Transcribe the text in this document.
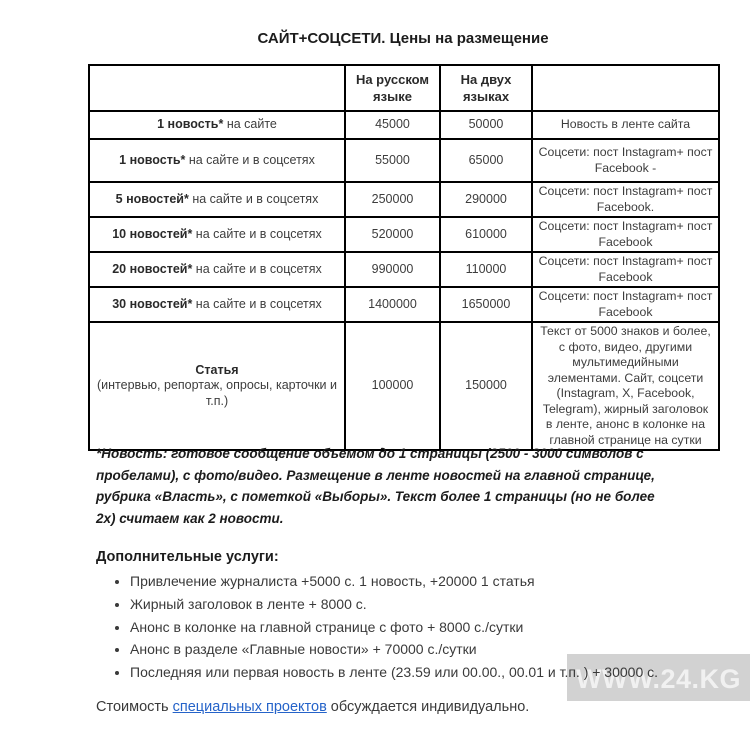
САЙТ+СОЦСЕТИ. Цены на размещение
	На русском языке	На двух языках	
1 новость* на сайте	45000	50000	Новость в ленте сайта
1 новость* на сайте и в соцсетях	55000	65000	Соцсети: пост Instagram+ пост Facebook -
5 новостей* на сайте и в соцсетях	250000	290000	Соцсети: пост Instagram+ пост Facebook.
10 новостей* на сайте и в соцсетях	520000	610000	Соцсети: пост Instagram+ пост Facebook
20 новостей* на сайте и в соцсетях	990000	110000	Соцсети: пост Instagram+ пост Facebook
30 новостей* на сайте и в соцсетях	1400000	1650000	Соцсети: пост Instagram+ пост Facebook

Статья
(интервью, репортаж, опросы, карточки и т.п.)	100000	150000	Текст от 5000 знаков и более, с фото, видео, другими мультимедийными элементами. Сайт, соцсети (Instagram, X, Facebook, Telegram), жирный заголовок в ленте, анонс в колонке на главной странице на сутки
*Новость: готовое сообщение объемом до 1 страницы (2500 - 3000 символов с пробелами), с фото/видео. Размещение в ленте новостей на главной странице, рубрика «Власть», с пометкой «Выборы». Текст более 1 страницы (но не более 2х) считаем как 2 новости.
Дополнительные услуги:
• Привлечение журналиста +5000 с. 1 новость, +20000 1 статья
• Жирный заголовок в ленте + 8000 с.
• Анонс в колонке на главной странице с фото + 8000 с./сутки
• Анонс в разделе «Главные новости» + 70000 с./сутки
• Последняя или первая новость в ленте (23.59 или 00.00., 00.01 и т.п. ) + 30000 с.
Стоимость специальных проектов обсуждается индивидуально.
WWW.24.KG
